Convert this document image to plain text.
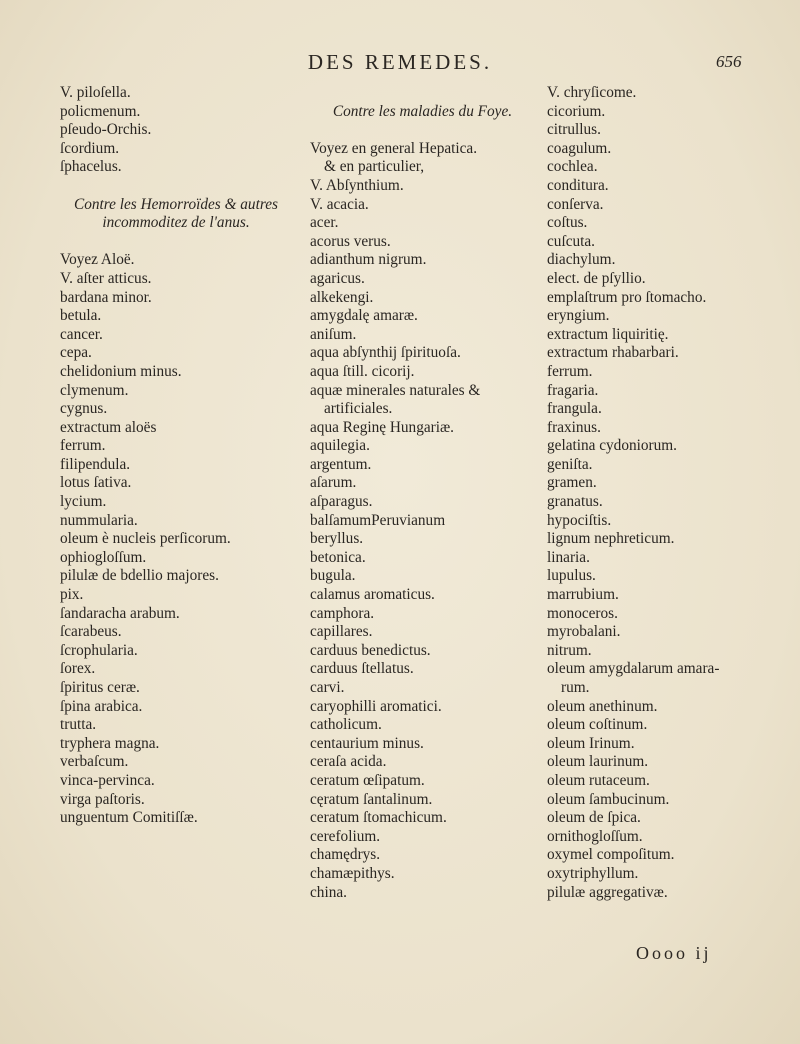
DES REMEDES.	656
V. piloſella.
policmenum.
pſeudo-Orchis.
ſcordium.
ſphacelus.
Contre les Hemorroïdes & autres incommoditez de l'anus.
Voyez Aloë.
V. aſter atticus.
bardana minor.
betula.
cancer.
cepa.
chelidonium minus.
clymenum.
cygnus.
extractum aloës
ferrum.
filipendula.
lotus ſativa.
lycium.
nummularia.
oleum è nucleis perſicorum.
ophiogloſſum.
pilulæ de bdellio majores.
pix.
ſandaracha arabum.
ſcarabeus.
ſcrophularia.
ſorex.
ſpiritus ceræ.
ſpina arabica.
trutta.
tryphera magna.
verbaſcum.
vinca-pervinca.
virga paſtoris.
unguentum Comitiſſæ.
Contre les maladies du Foye.
Voyez en general Hepatica.
& en particulier,
V. Abſynthium.
V. acacia.
acer.
acorus verus.
adianthum nigrum.
agaricus.
alkekengi.
amygdalę amaræ.
aniſum.
aqua abſynthij ſpirituoſa.
aqua ſtill. cicorij.
aquæ minerales naturales &
artificiales.
aqua Reginę Hungariæ.
aquilegia.
argentum.
aſarum.
aſparagus.
balſamumPeruvianum
beryllus.
betonica.
bugula.
calamus aromaticus.
camphora.
capillares.
carduus benedictus.
carduus ſtellatus.
carvi.
caryophilli aromatici.
catholicum.
centaurium minus.
ceraſa acida.
ceratum œſipatum.
cęratum ſantalinum.
ceratum ſtomachicum.
cerefolium.
chamędrys.
chamæpithys.
china.
V. chryſicome.
cicorium.
citrullus.
coagulum.
cochlea.
conditura.
conſerva.
coſtus.
cuſcuta.
diachylum.
elect. de pſyllio.
emplaſtrum pro ſtomacho.
eryngium.
extractum liquiritię.
extractum rhabarbari.
ferrum.
fragaria.
frangula.
fraxinus.
gelatina cydoniorum.
geniſta.
gramen.
granatus.
hypociſtis.
lignum nephreticum.
linaria.
lupulus.
marrubium.
monoceros.
myrobalani.
nitrum.
oleum amygdalarum amara-
rum.
oleum anethinum.
oleum coſtinum.
oleum Irinum.
oleum laurinum.
oleum rutaceum.
oleum ſambucinum.
oleum de ſpica.
ornithogloſſum.
oxymel compoſitum.
oxytriphyllum.
pilulæ aggregativæ.
Oooo ij
